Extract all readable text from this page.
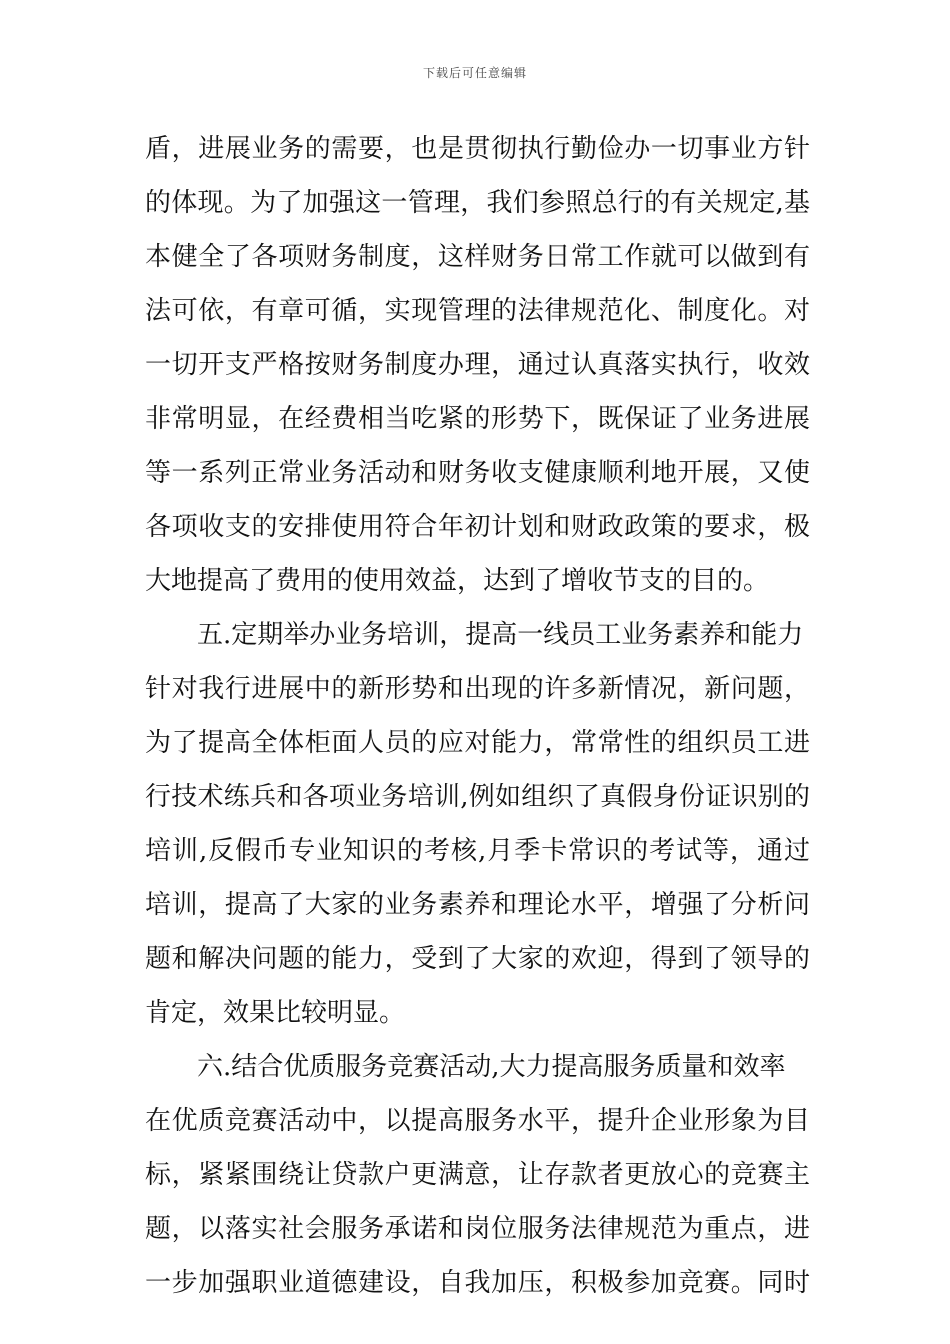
下载后可任意编辑
盾，进展业务的需要，也是贯彻执行勤俭办一切事业方针
的体现。为了加强这一管理，我们参照总行的有关规定,基
本健全了各项财务制度，这样财务日常工作就可以做到有
法可依，有章可循，实现管理的法律规范化、制度化。对
一切开支严格按财务制度办理，通过认真落实执行，收效
非常明显，在经费相当吃紧的形势下，既保证了业务进展
等一系列正常业务活动和财务收支健康顺利地开展，又使
各项收支的安排使用符合年初计划和财政政策的要求，极
大地提高了费用的使用效益，达到了增收节支的目的。
五.定期举办业务培训，提高一线员工业务素养和能力
针对我行进展中的新形势和出现的许多新情况，新问题，
为了提高全体柜面人员的应对能力，常常性的组织员工进
行技术练兵和各项业务培训,例如组织了真假身份证识别的
培训,反假币专业知识的考核,月季卡常识的考试等，通过
培训，提高了大家的业务素养和理论水平，增强了分析问
题和解决问题的能力，受到了大家的欢迎，得到了领导的
肯定，效果比较明显。
六.结合优质服务竞赛活动,大力提高服务质量和效率
在优质竞赛活动中，以提高服务水平，提升企业形象为目
标，紧紧围绕让贷款户更满意，让存款者更放心的竞赛主
题，以落实社会服务承诺和岗位服务法律规范为重点，进
一步加强职业道德建设，自我加压，积极参加竞赛。同时
